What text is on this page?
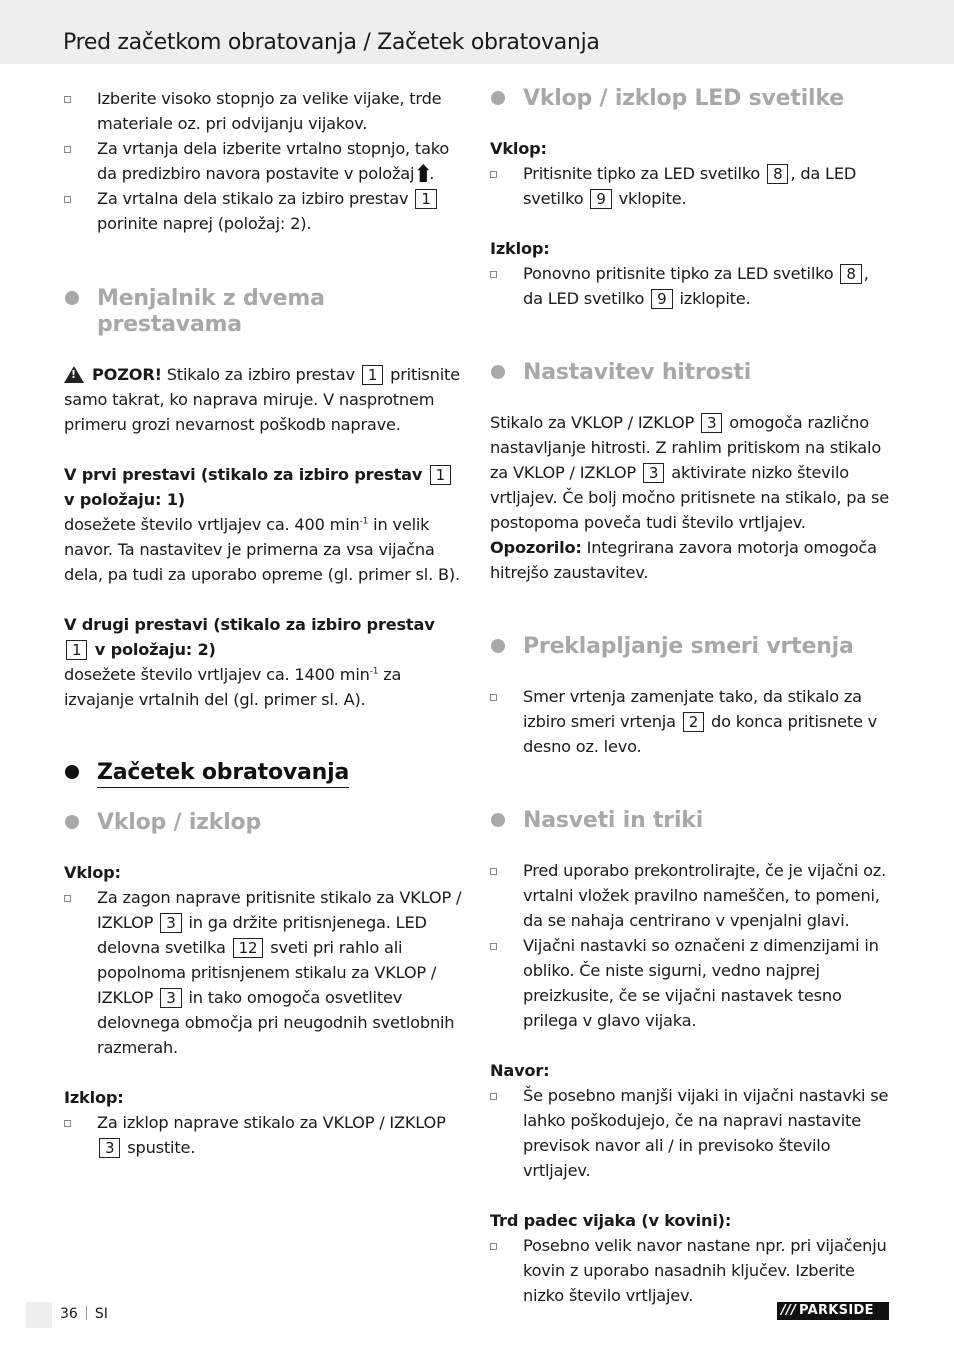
Pred začetkom obratovanja / Začetek obratovanja
Izberite visoko stopnjo za velike vijake, trde materiale oz. pri odvijanju vijakov.
Za vrtanja dela izberite vrtalno stopnjo, tako da predizbiro navora postavite v položaj .
Za vrtalna dela stikalo za izbiro prestav 1 porinite naprej (položaj: 2).
Menjalnik z dvema prestavama

!POZOR! Stikalo za izbiro prestav 1 pritisnite samo takrat, ko naprava miruje. V nasprotnem primeru grozi nevarnost poškodb naprave.

V prvi prestavi (stikalo za izbiro prestav 1 v položaju: 1)

dosežete število vrtljajev ca. 400 $\min^{-1}$ in velik navor. Ta nastavitev je primerna za vsa vijačna dela, pa tudi za uporabo opreme (gl. primer sl. B).

V drugi prestavi (stikalo za izbiro prestav 1 v položaju: 2)

dosežete število vrtljajev ca. 1400 $\min^{-1}$ za izvajanje vrtalnih del (gl. primer sl. A).

Začetek obratovanja
Vklop / izklop

Vklop:

Za zagon naprave pritisnite stikalo za VKLOP / IZKLOP 3 in ga držite pritisnjenega. LED delovna svetilka 12 sveti pri rahlo ali popolnoma pritisnjenem stikalu za VKLOP / IZKLOP 3 in tako omogoča osvetlitev delovnega območja pri neugodnih svetlobnih razmerah.

Izklop:

Za izklop naprave stikalo za VKLOP / IZKLOP 3 spustite.
Vklop / izklop LED svetilke

Vklop:

Pritisnite tipko za LED svetilko 8 , da LED svetilko 9 vklopite.

Izklop:

Ponovno pritisnite tipko za LED svetilko 8 , da LED svetilko 9 izklopite.
Nastavitev hitrosti

Stikalo za VKLOP / IZKLOP 3 omogoča različno nastavljanje hitrosti. Z rahlim pritiskom na stikalo za VKLOP / IZKLOP 3 aktivirate nizko število vrtljajev. Če bolj močno pritisnete na stikalo, pa se postopoma poveča tudi število vrtljajev.

Opozorilo: Integrirana zavora motorja omogoča hitrejšo zaustavitev.

Preklapljanje smeri vrtenja
Smer vrtenja zamenjate tako, da stikalo za izbiro smeri vrtenja 2 do konca pritisnete v desno oz. levo.
Nasveti in triki
Pred uporabo prekontrolirajte, če je vijačni oz. vrtalni vložek pravilno nameščen, to pomeni, da se nahaja centrirano v vpenjalni glavi.
Vijačni nastavki so označeni z dimenzijami in obliko. Če niste sigurni, vedno najprej preizkusite, če se vijačni nastavek tesno prilega v glavo vijaka.

Navor:

Še posebno manjši vijaki in vijačni nastavki se lahko poškodujejo, če na napravi nastavite previsok navor ali / in previsoko število vrtljajev.

Trd padec vijaka (v kovini):

Posebno velik navor nastane npr. pri vijačenju kovin z uporabo nasadnih ključev. Izberite nizko število vrtljajev.
36 SI	/// PARKSIDE
